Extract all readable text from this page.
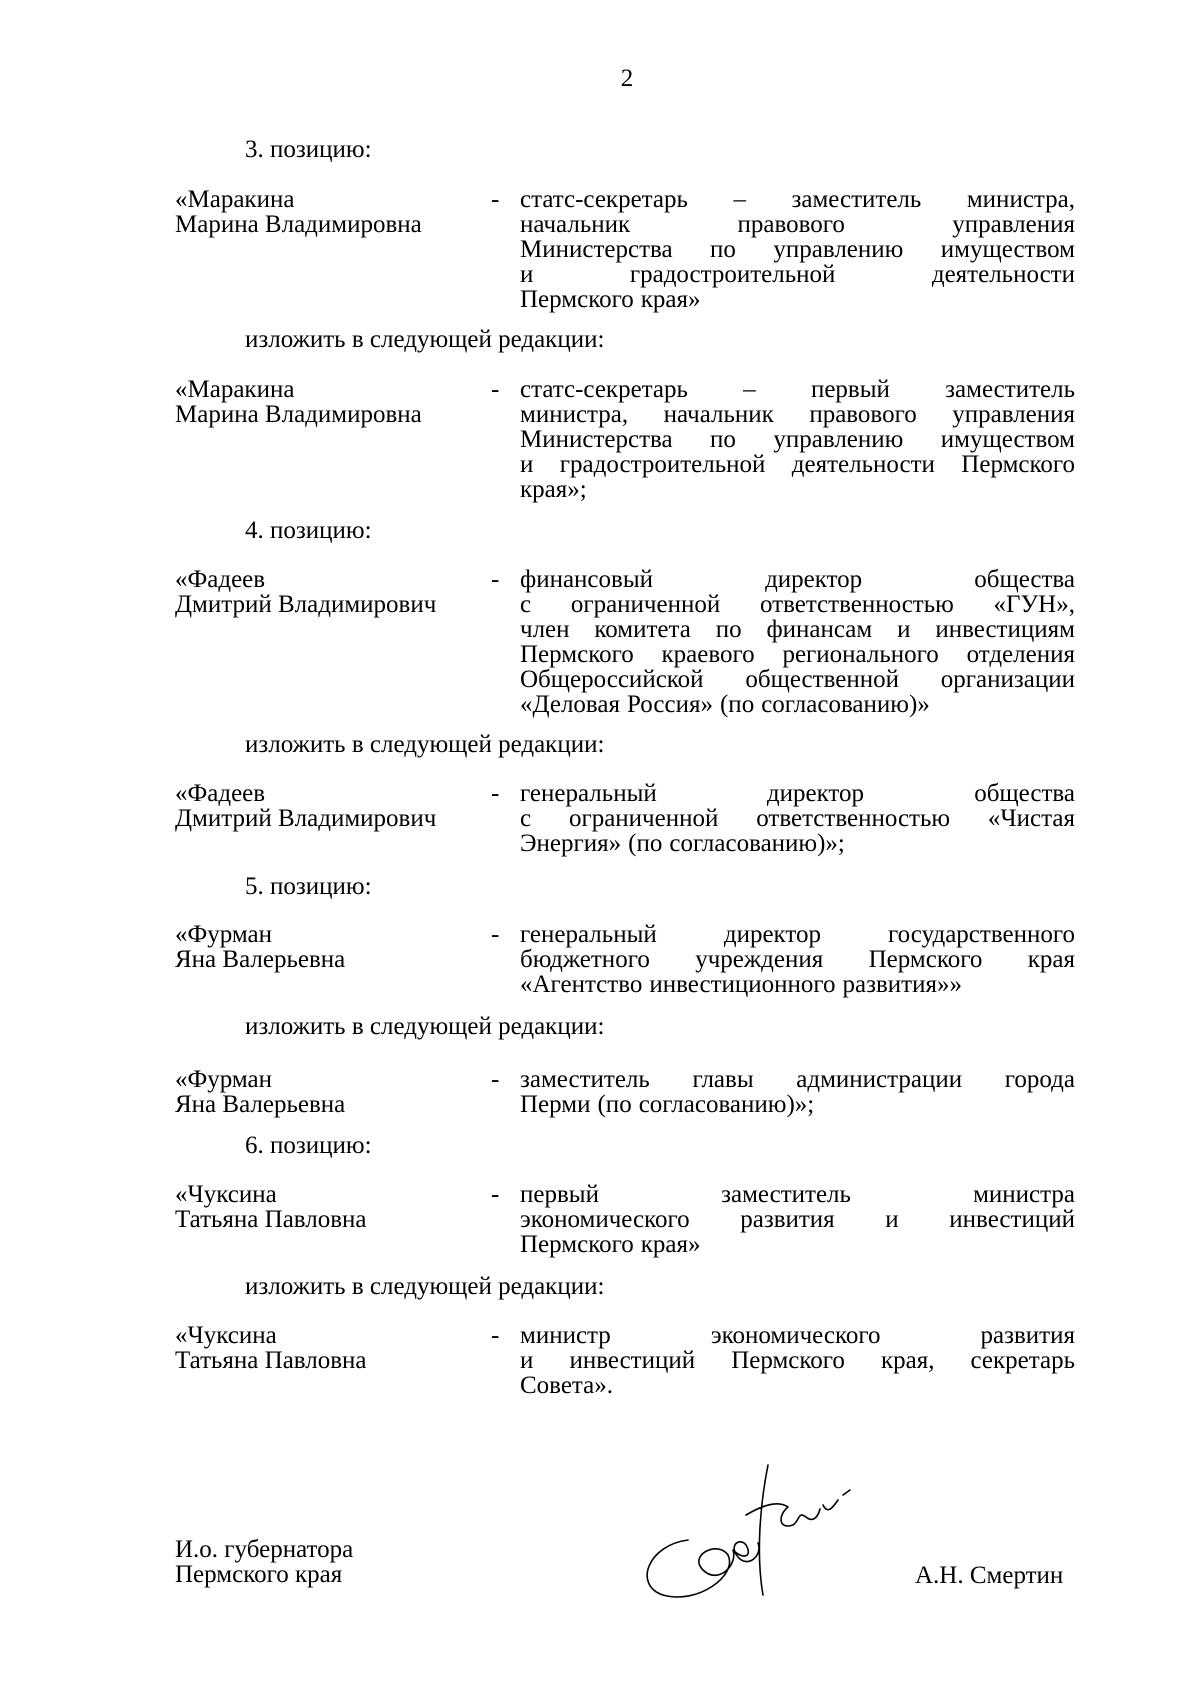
2
3. позицию:
«Маракина
Марина Владимировна
- статс-секретарь – заместитель министра,
начальник	правового	управления
Министерства по управлению имуществом
и	градостроительной	деятельности
Пермского края»
изложить в следующей редакции:
«Маракина
Марина Владимировна
- статс-секретарь – первый заместитель
министра, начальник правового управления
Министерства по управлению имуществом
и градостроительной деятельности Пермского
края»;
4. позицию:
«Фадеев
Дмитрий Владимирович
- финансовый	директор	общества
с ограниченной ответственностью «ГУН»,
член комитета по финансам и инвестициям
Пермского краевого регионального отделения
Общероссийской общественной организации
«Деловая Россия» (по согласованию)»
изложить в следующей редакции:
«Фадеев
Дмитрий Владимирович
- генеральный	директор	общества
с ограниченной ответственностью «Чистая
Энергия» (по согласованию)»;
5. позицию:
«Фурман
Яна Валерьевна
- генеральный	директор	государственного
бюджетного учреждения Пермского края
«Агентство инвестиционного развития»»
изложить в следующей редакции:
«Фурман
Яна Валерьевна
- заместитель главы администрации города
Перми (по согласованию)»;
6. позицию:
«Чуксина
Татьяна Павловна
- первый	заместитель	министра
экономического развития и инвестиций
Пермского края»
изложить в следующей редакции:
«Чуксина
Татьяна Павловна
- министр	экономического	развития
и инвестиций Пермского края, секретарь
Совета».
И.о. губернатора
Пермского края	А.Н. Смертин
